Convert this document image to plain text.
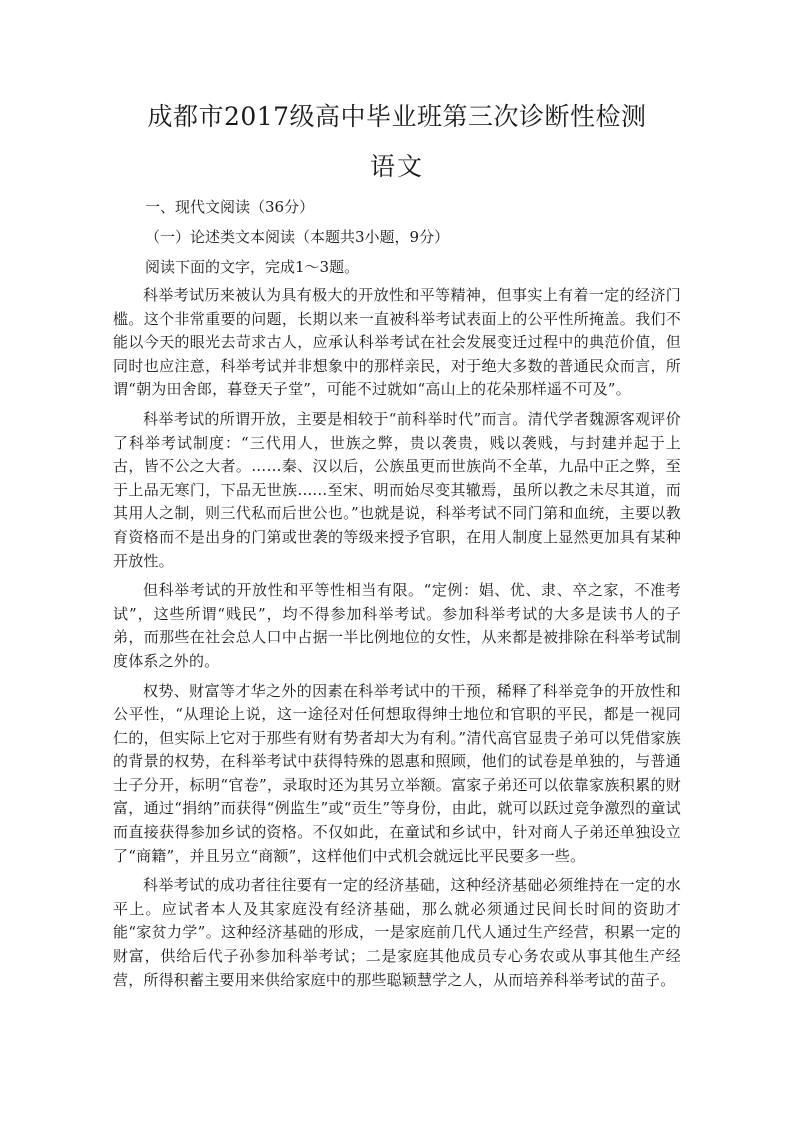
成都市2017级高中毕业班第三次诊断性检测
语文
一、现代文阅读（36分）
（一）论述类文本阅读（本题共3小题，9分）
阅读下面的文字，完成1～3题。

科举考试历来被认为具有极大的开放性和平等精神，但事实上有着一定的经济门槛。这个非常重要的问题，长期以来一直被科举考试表面上的公平性所掩盖。我们不能以今天的眼光去苛求古人，应承认科举考试在社会发展变迁过程中的典范价值，但同时也应注意，科举考试并非想象中的那样亲民，对于绝大多数的普通民众而言，所谓“朝为田舍郎，暮登天子堂”，可能不过就如“高山上的花朵那样遥不可及”。

科举考试的所谓开放，主要是相较于“前科举时代”而言。清代学者魏源客观评价了科举考试制度：“三代用人，世族之弊，贵以袭贵，贱以袭贱，与封建并起于上古，皆不公之大者。……秦、汉以后，公族虽更而世族尚不全革，九品中正之弊，至于上品无寒门，下品无世族......至宋、明而始尽变其辙焉，虽所以教之未尽其道，而其用人之制，则三代私而后世公也。”也就是说，科举考试不同门第和血统，主要以教育资格而不是出身的门第或世袭的等级来授予官职，在用人制度上显然更加具有某种开放性。

但科举考试的开放性和平等性相当有限。“定例：娼、优、隶、卒之家，不准考试”，这些所谓“贱民”，均不得参加科举考试。参加科举考试的大多是读书人的子弟，而那些在社会总人口中占据一半比例地位的女性，从来都是被排除在科举考试制度体系之外的。

权势、财富等才华之外的因素在科举考试中的干预，稀释了科举竞争的开放性和公平性，“从理论上说，这一途径对任何想取得绅士地位和官职的平民，都是一视同仁的，但实际上它对于那些有财有势者却大为有利。”清代高官显贵子弟可以凭借家族的背景的权势，在科举考试中获得特殊的恩惠和照顾，他们的试卷是单独的，与普通士子分开，标明“官卷”，录取时还为其另立举额。富家子弟还可以依靠家族积累的财富，通过“捐纳”而获得“例监生”或“贡生”等身份，由此，就可以跃过竞争激烈的童试而直接获得参加乡试的资格。不仅如此，在童试和乡试中，针对商人子弟还单独设立了“商籍”，并且另立“商额”，这样他们中式机会就远比平民要多一些。

科举考试的成功者往往要有一定的经济基础，这种经济基础必须维持在一定的水平上。应试者本人及其家庭没有经济基础，那么就必须通过民间长时间的资助才能“家贫力学”。这种经济基础的形成，一是家庭前几代人通过生产经营，积累一定的财富，供给后代子孙参加科举考试；二是家庭其他成员专心务农或从事其他生产经营，所得积蓄主要用来供给家庭中的那些聪颖慧学之人，从而培养科举考试的苗子。
